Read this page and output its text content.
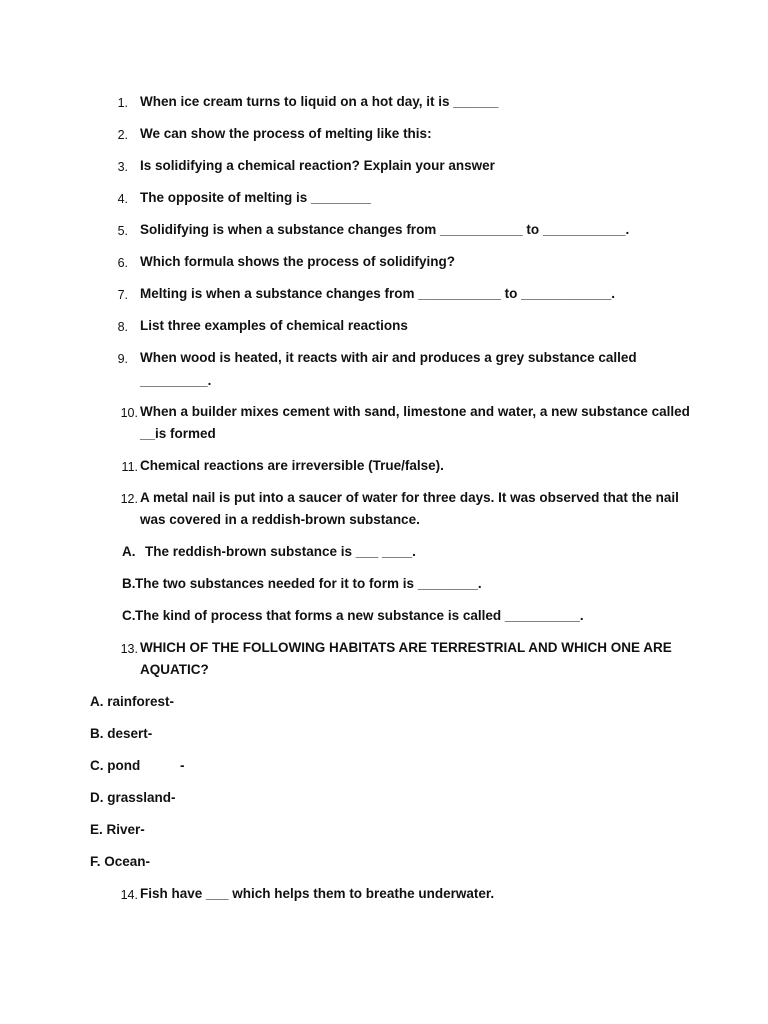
1. When ice cream turns to liquid on a hot day, it is ______
2. We can show the process of melting like this:
3. Is solidifying a chemical reaction? Explain your answer
4. The opposite of melting is ________
5. Solidifying is when a substance changes from ___________ to ___________.
6. Which formula shows the process of solidifying?
7. Melting is when a substance changes from ___________ to ____________.
8. List three examples of chemical reactions
9. When wood is heated, it reacts with air and produces a grey substance called
_________.
10. When a builder mixes cement with sand, limestone and water, a new substance called
__is formed
11. Chemical reactions are irreversible (True/false).
12. A metal nail is put into a saucer of water for three days. It was observed that the nail
was covered in a reddish-brown substance.
A. The reddish-brown substance is ___ ____.
B. The two substances needed for it to form is ________.
C. The kind of process that forms a new substance is called __________.
13. WHICH OF THE FOLLOWING HABITATS ARE TERRESTRIAL AND WHICH ONE ARE
AQUATIC?
A. rainforest-
B. desert-
C. pond	-
D. grassland-
E. River-
F. Ocean-
14. Fish have ___ which helps them to breathe underwater.
